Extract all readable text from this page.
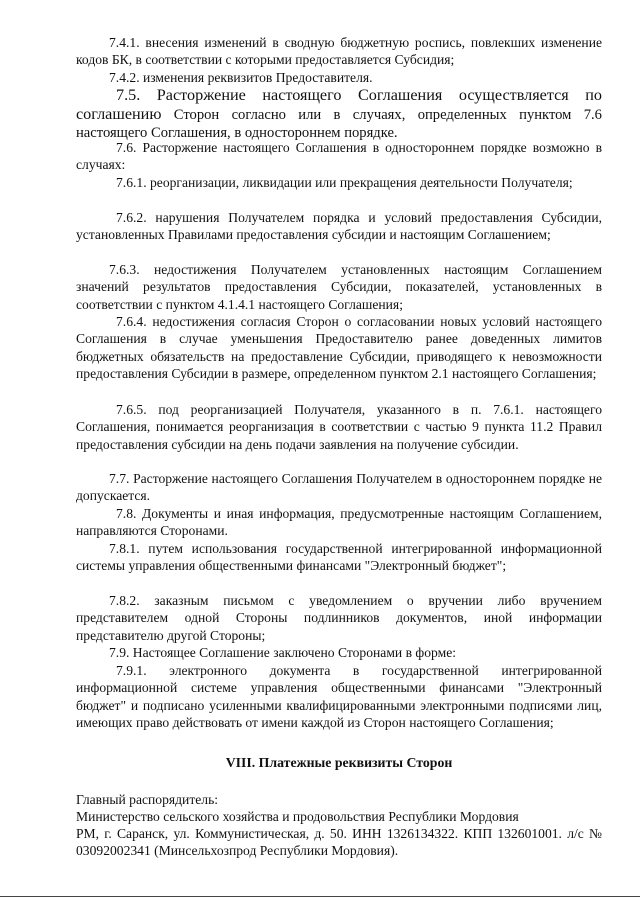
7.4.1. внесения изменений в сводную бюджетную роспись, повлекших изменение кодов БК, в соответствии с которыми предоставляется Субсидия;

7.4.2. изменения реквизитов Предоставителя.

7.5. Расторжение настоящего Соглашения осуществляется по соглашению Сторон согласно или в случаях, определенных пунктом 7.6 настоящего Соглашения, в одностороннем порядке.

7.6. Расторжение настоящего Соглашения в одностороннем порядке возможно в случаях:

7.6.1. реорганизации, ликвидации или прекращения деятельности Получателя;

7.6.2. нарушения Получателем порядка и условий предоставления Субсидии, установленных Правилами предоставления субсидии и настоящим Соглашением;

7.6.3. недостижения Получателем установленных настоящим Соглашением значений результатов предоставления Субсидии, показателей, установленных в соответствии с пунктом 4.1.4.1 настоящего Соглашения;

7.6.4. недостижения согласия Сторон о согласовании новых условий настоящего Соглашения в случае уменьшения Предоставителю ранее доведенных лимитов бюджетных обязательств на предоставление Субсидии, приводящего к невозможности предоставления Субсидии в размере, определенном пунктом 2.1 настоящего Соглашения;

7.6.5. под реорганизацией Получателя, указанного в п. 7.6.1. настоящего Соглашения, понимается реорганизация в соответствии с частью 9 пункта 11.2 Правил предоставления субсидии на день подачи заявления на получение субсидии.

7.7. Расторжение настоящего Соглашения Получателем в одностороннем порядке не допускается.

7.8. Документы и иная информация, предусмотренные настоящим Соглашением, направляются Сторонами.

7.8.1. путем использования государственной интегрированной информационной системы управления общественными финансами "Электронный бюджет";

7.8.2. заказным письмом с уведомлением о вручении либо вручением представителем одной Стороны подлинников документов, иной информации представителю другой Стороны;

7.9. Настоящее Соглашение заключено Сторонами в форме:

7.9.1. электронного документа в государственной интегрированной информационной системе управления общественными финансами "Электронный бюджет" и подписано усиленными квалифицированными электронными подписями лиц, имеющих право действовать от имени каждой из Сторон настоящего Соглашения;

VIII. Платежные реквизиты Сторон

Главный распорядитель:

Министерство сельского хозяйства и продовольствия Республики Мордовия

РМ, г. Саранск, ул. Коммунистическая, д. 50. ИНН 1326134322. КПП 132601001. л/с № 03092002341 (Минсельхозпрод Республики Мордовия).
